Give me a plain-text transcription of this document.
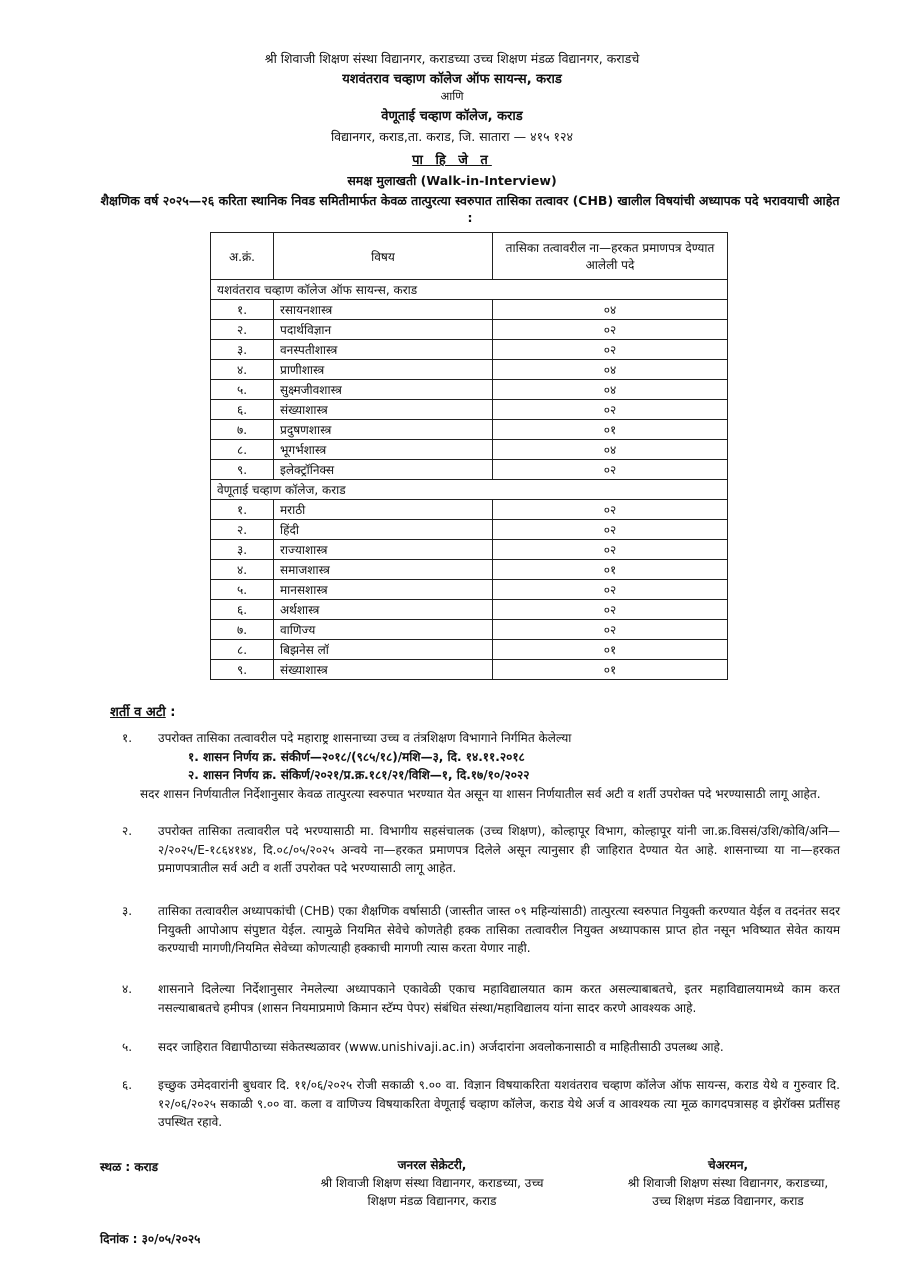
श्री शिवाजी शिक्षण संस्था विद्यानगर, कराडच्या उच्च शिक्षण मंडळ विद्यानगर, कराडचे
यशवंतराव चव्हाण कॉलेज ऑफ सायन्स, कराड
आणि
वेणूताई चव्हाण कॉलेज, कराड
विद्यानगर, कराड,ता. कराड, जि. सातारा — ४१५ १२४
पा हि जे त
समक्ष मुलाखती (Walk-in-Interview)
शैक्षणिक वर्ष २०२५—२६ करिता स्थानिक निवड समितीमार्फत केवळ तात्पुरत्या स्वरुपात तासिका तत्वावर (CHB) खालील विषयांची अध्यापक पदे भरावयाची आहेत :
अ.क्रं.	विषय	तासिका तत्वावरील ना—हरकत प्रमाणपत्र देण्यात आलेली पदे
यशवंतराव चव्हाण कॉलेज ऑफ सायन्स, कराड		
१.	रसायनशास्त्र	०४
२.	पदार्थविज्ञान	०२
३.	वनस्पतीशास्त्र	०२
४.	प्राणीशास्त्र	०४
५.	सुक्ष्मजीवशास्त्र	०४
६.	संख्याशास्त्र	०२
७.	प्रदुषणशास्त्र	०१
८.	भूगर्भशास्त्र	०४
९.	इलेक्ट्रॉनिक्स	०२
वेणूताई चव्हाण कॉलेज, कराड		
१.	मराठी	०२
२.	हिंदी	०२
३.	राज्याशास्त्र	०२
४.	समाजशास्त्र	०१
५.	मानसशास्त्र	०२
६.	अर्थशास्त्र	०२
७.	वाणिज्य	०२
८.	बिझनेस लॉ	०१
९.	संख्याशास्त्र	०१
शर्ती व अटी :
१.	उपरोक्त तासिका तत्वावरील पदे महाराष्ट्र शासनाच्या उच्च व तंत्रशिक्षण विभागाने निर्गमित केलेल्या
१. शासन निर्णय क्र. संकीर्ण—२०१८/(९८५/१८)/मशि—३, दि. १४.११.२०१८
२. शासन निर्णय क्र. संकिर्ण/२०२१/प्र.क्र.१८१/२१/विशि—१, दि.१७/१०/२०२२
सदर शासन निर्णयातील निर्देशानुसार केवळ तात्पुरत्या स्वरुपात भरण्यात येत असून या शासन निर्णयातील सर्व अटी व शर्ती उपरोक्त पदे भरण्यासाठी लागू आहेत.
२.	उपरोक्त तासिका तत्वावरील पदे भरण्यासाठी मा. विभागीय सहसंचालक (उच्च शिक्षण), कोल्हापूर विभाग, कोल्हापूर यांनी जा.क्र.विससं/उशि/कोवि/अनि—२/२०२५/E-१८६४१४४, दि.०८/०५/२०२५ अन्वये ना—हरकत प्रमाणपत्र दिलेले असून त्यानुसार ही जाहिरात देण्यात येत आहे. शासनाच्या या ना—हरकत प्रमाणपत्रातील सर्व अटी व शर्ती उपरोक्त पदे भरण्यासाठी लागू आहेत.
३.	तासिका तत्वावरील अध्यापकांची (CHB) एका शैक्षणिक वर्षासाठी (जास्तीत जास्त ०९ महिन्यांसाठी) तात्पुरत्या स्वरुपात नियुक्ती करण्यात येईल व तदनंतर सदर नियुक्ती आपोआप संपुष्टात येईल. त्यामुळे नियमित सेवेचे कोणतेही हक्क तासिका तत्वावरील नियुक्त अध्यापकास प्राप्त होत नसून भविष्यात सेवेत कायम करण्याची मागणी/नियमित सेवेच्या कोणत्याही हक्काची मागणी त्यास करता येणार नाही.
४.	शासनाने दिलेल्या निर्देशानुसार नेमलेल्या अध्यापकाने एकावेळी एकाच महाविद्यालयात काम करत असल्याबाबतचे, इतर महाविद्यालयामध्ये काम करत नसल्याबाबतचे हमीपत्र (शासन नियमाप्रमाणे किमान स्टॅम्प पेपर) संबंधित संस्था/महाविद्यालय यांना सादर करणे आवश्यक आहे.
५.	सदर जाहिरात विद्यापीठाच्या संकेतस्थळावर (www.unishivaji.ac.in) अर्जदारांना अवलोकनासाठी व माहितीसाठी उपलब्ध आहे.
६.	इच्छुक उमेदवारांनी बुधवार दि. ११/०६/२०२५ रोजी सकाळी ९.०० वा. विज्ञान विषयाकरिता यशवंतराव चव्हाण कॉलेज ऑफ सायन्स, कराड येथे व गुरुवार दि. १२/०६/२०२५ सकाळी ९.०० वा. कला व वाणिज्य विषयाकरिता वेणूताई चव्हाण कॉलेज, कराड येथे अर्ज व आवश्यक त्या मूळ कागदपत्रासह व झेरॉक्स प्रतींसह उपस्थित रहावे.
स्थळ : कराड
दिनांक : ३०/०५/२०२५
जनरल सेक्रेटरी,
श्री शिवाजी शिक्षण संस्था विद्यानगर, कराडच्या, उच्च
शिक्षण मंडळ विद्यानगर, कराड
चेअरमन,
श्री शिवाजी शिक्षण संस्था विद्यानगर, कराडच्या,
उच्च शिक्षण मंडळ विद्यानगर, कराड
